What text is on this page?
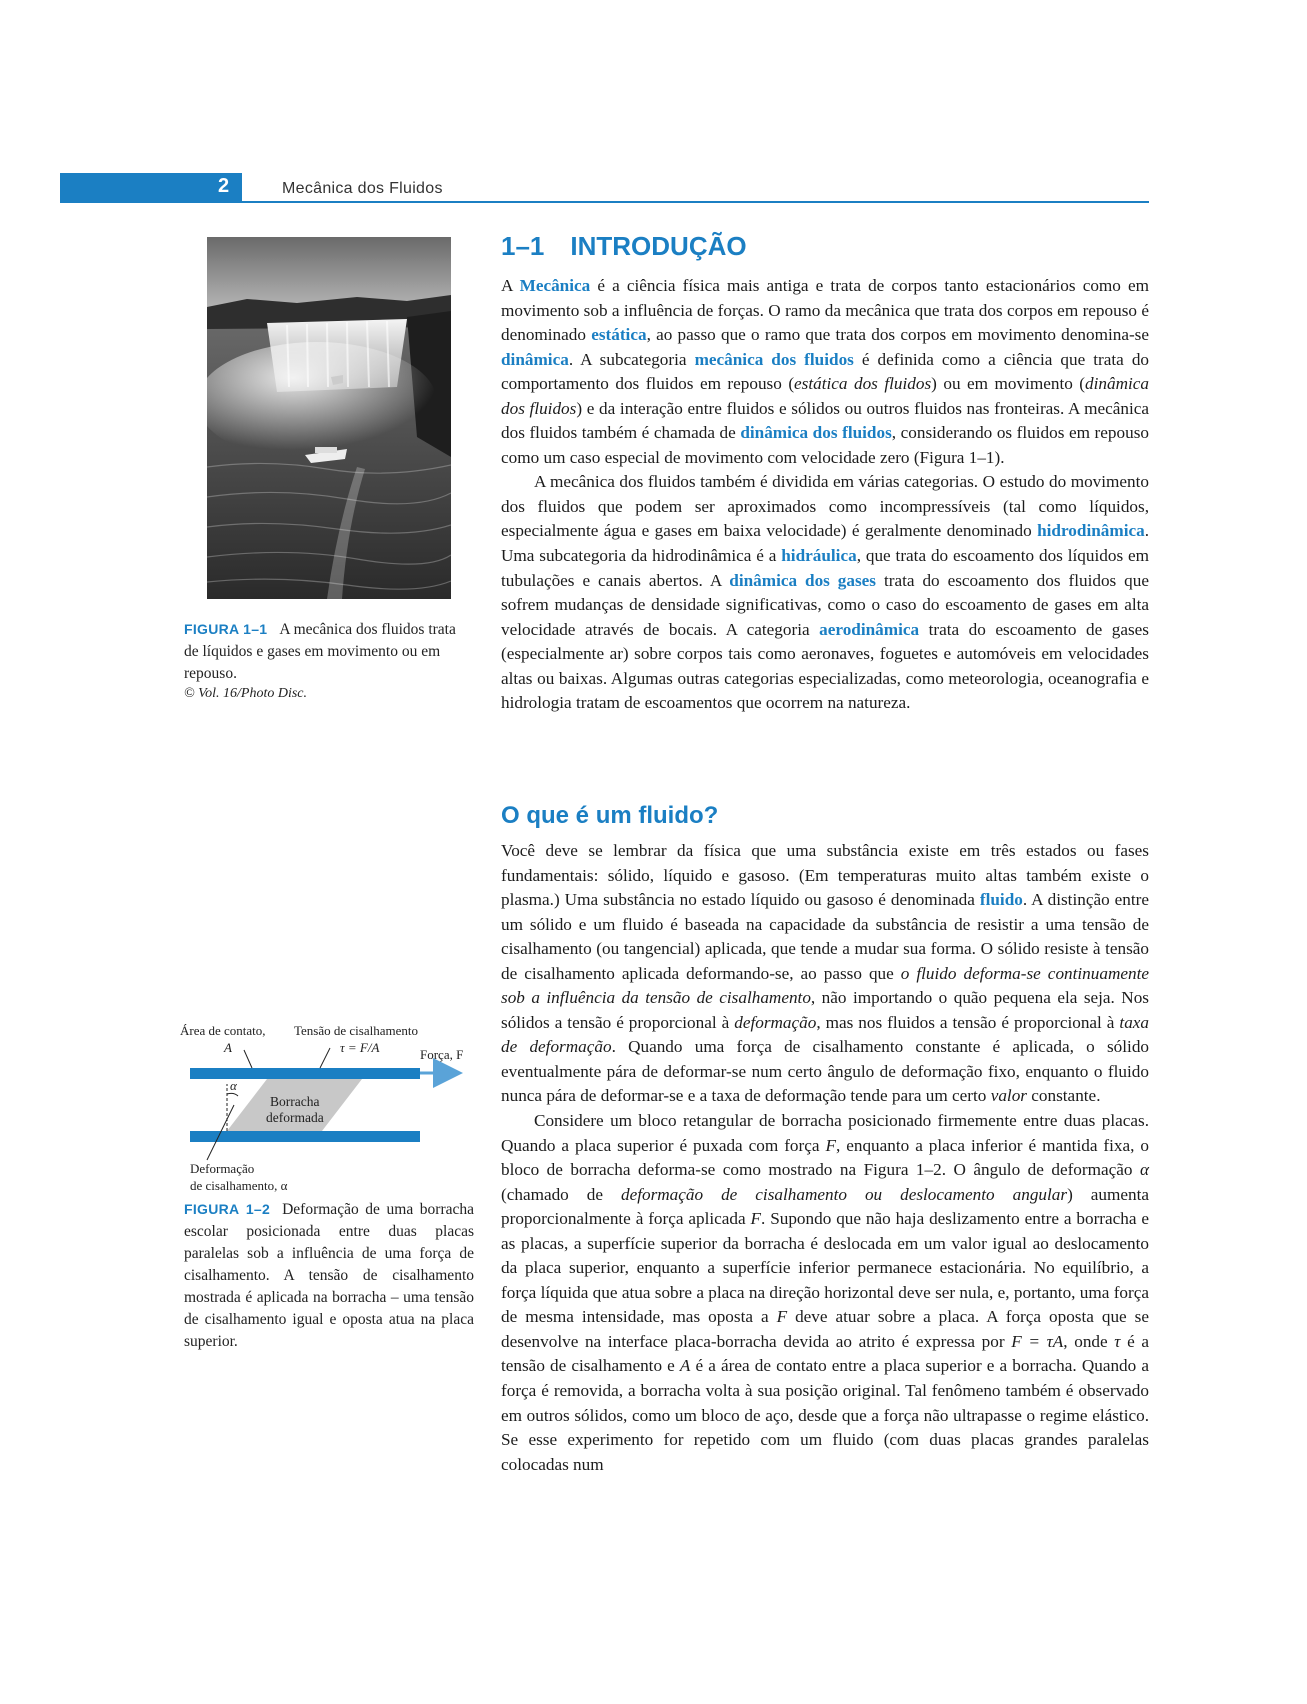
2	Mecânica dos Fluidos
FIGURA 1–1 A mecânica dos fluidos trata de líquidos e gases em movimento ou em repouso.
© Vol. 16/Photo Disc.
Área de contato,
A
Tensão de cisalhamento
τ = F/A	Força, F
α
Borracha
deformada
Deformação
de cisalhamento, α
FIGURA 1–2 Deformação de uma borracha escolar posicionada entre duas placas paralelas sob a influência de uma força de cisalhamento. A tensão de cisalhamento mostrada é aplicada na borracha – uma tensão de cisalhamento igual e oposta atua na placa superior.
1–1 INTRODUÇÃO

A Mecânica é a ciência física mais antiga e trata de corpos tanto estacionários como em movimento sob a influência de forças. O ramo da mecânica que trata dos corpos em repouso é denominado estática, ao passo que o ramo que trata dos corpos em movimento denomina-se dinâmica. A subcategoria mecânica dos fluidos é definida como a ciência que trata do comportamento dos fluidos em repouso (estática dos fluidos) ou em movimento (dinâmica dos fluidos) e da interação entre fluidos e sólidos ou outros fluidos nas fronteiras. A mecânica dos fluidos também é chamada de dinâmica dos fluidos, considerando os fluidos em repouso como um caso especial de movimento com velocidade zero (Figura 1–1).

A mecânica dos fluidos também é dividida em várias categorias. O estudo do movimento dos fluidos que podem ser aproximados como incompressíveis (tal como líquidos, especialmente água e gases em baixa velocidade) é geralmente denominado hidrodinâmica. Uma subcategoria da hidrodinâmica é a hidráulica, que trata do escoamento dos líquidos em tubulações e canais abertos. A dinâmica dos gases trata do escoamento dos fluidos que sofrem mudanças de densidade significativas, como o caso do escoamento de gases em alta velocidade através de bocais. A categoria aerodinâmica trata do escoamento de gases (especialmente ar) sobre corpos tais como aeronaves, foguetes e automóveis em velocidades altas ou baixas. Algumas outras categorias especializadas, como meteorologia, oceanografia e hidrologia tratam de escoamentos que ocorrem na natureza.

O que é um fluido?

Você deve se lembrar da física que uma substância existe em três estados ou fases fundamentais: sólido, líquido e gasoso. (Em temperaturas muito altas também existe o plasma.) Uma substância no estado líquido ou gasoso é denominada fluido. A distinção entre um sólido e um fluido é baseada na capacidade da substância de resistir a uma tensão de cisalhamento (ou tangencial) aplicada, que tende a mudar sua forma. O sólido resiste à tensão de cisalhamento aplicada deformando-se, ao passo que o fluido deforma-se continuamente sob a influência da tensão de cisalhamento, não importando o quão pequena ela seja. Nos sólidos a tensão é proporcional à deformação, mas nos fluidos a tensão é proporcional à taxa de deformação. Quando uma força de cisalhamento constante é aplicada, o sólido eventualmente pára de deformar-se num certo ângulo de deformação fixo, enquanto o fluido nunca pára de deformar-se e a taxa de deformação tende para um certo valor constante.

Considere um bloco retangular de borracha posicionado firmemente entre duas placas. Quando a placa superior é puxada com força F, enquanto a placa inferior é mantida fixa, o bloco de borracha deforma-se como mostrado na Figura 1–2. O ângulo de deformação α (chamado de deformação de cisalhamento ou deslocamento angular) aumenta proporcionalmente à força aplicada F. Supondo que não haja deslizamento entre a borracha e as placas, a superfície superior da borracha é deslocada em um valor igual ao deslocamento da placa superior, enquanto a superfície inferior permanece estacionária. No equilíbrio, a força líquida que atua sobre a placa na direção horizontal deve ser nula, e, portanto, uma força de mesma intensidade, mas oposta a F deve atuar sobre a placa. A força oposta que se desenvolve na interface placa-borracha devida ao atrito é expressa por F = τA, onde τ é a tensão de cisalhamento e A é a área de contato entre a placa superior e a borracha. Quando a força é removida, a borracha volta à sua posição original. Tal fenômeno também é observado em outros sólidos, como um bloco de aço, desde que a força não ultrapasse o regime elástico. Se esse experimento for repetido com um fluido (com duas placas grandes paralelas colocadas num
